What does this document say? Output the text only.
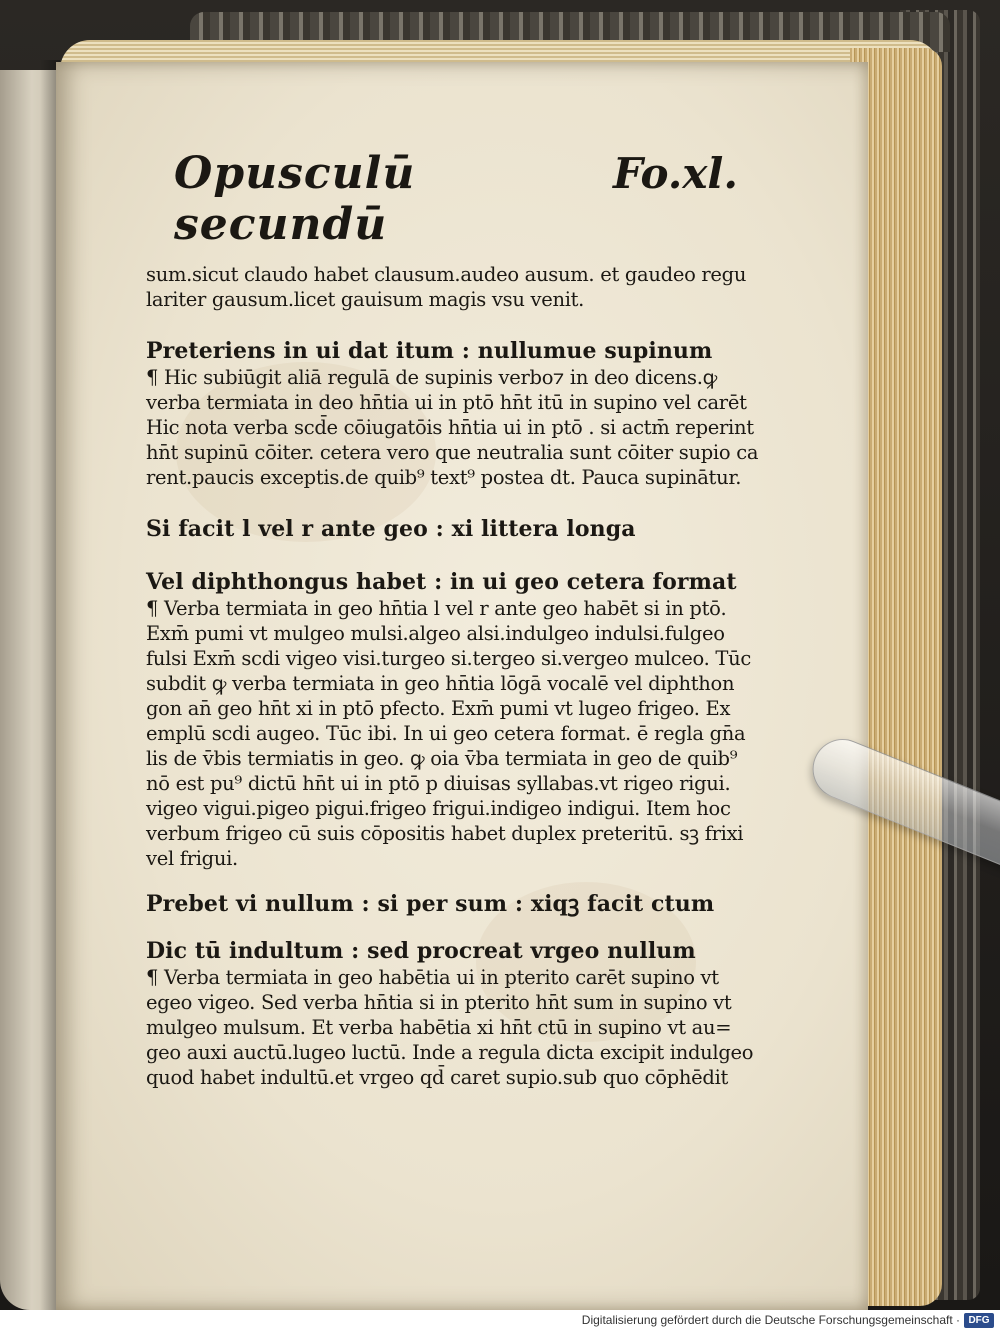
Opusculū secundū
Fo.xl.
sum.sicut claudo habet clausum.audeo ausum. et gaudeo regu
lariter gausum.licet gauisum magis vsu venit.
Preteriens in ui dat itum : nullumue supinum
¶ Hic subiūgit aliā regulā de supinis verbo⁊ in deo dicens.ꝙ
verba termiata in deo hn̄tia ui in ptō hn̄t itū in supino vel carēt
Hic nota verba scd̄e cōiugatōis hn̄tia ui in ptō . si actm̄ reperint
hn̄t supinū cōiter. cetera vero que neutralia sunt cōiter supio ca
rent.paucis exceptis.de quib⁹ text⁹ postea dt. Pauca supinātur.
Si facit l vel r ante geo : xi littera longa
Vel diphthongus habet : in ui geo cetera format
¶ Verba termiata in geo hn̄tia l vel r ante geo habēt si in ptō.
Exm̄ pumi vt mulgeo mulsi.algeo alsi.indulgeo indulsi.fulgeo
fulsi Exm̄ scdi vigeo visi.turgeo si.tergeo si.vergeo mulceo. Tūc
subdit ꝙ verba termiata in geo hn̄tia lōgā vocalē vel diphthon
gon an̄ geo hn̄t xi in ptō pfecto. Exm̄ pumi vt lugeo frigeo. Ex
emplū scdi augeo. Tūc ibi. In ui geo cetera format. ē regla gn̄a
lis de v̄bis termiatis in geo. ꝙ oia v̄ba termiata in geo de quib⁹
nō est pu⁹ dictū hn̄t ui in ptō p diuisas syllabas.vt rigeo rigui.
vigeo vigui.pigeo pigui.frigeo frigui.indigeo indigui. Item hoc
verbum frigeo cū suis cōpositis habet duplex preteritū. sꝫ frixi
vel frigui.
Prebet vi nullum : si per sum : xiqꝫ facit ctum
Dic tū indultum : sed procreat vrgeo nullum
¶ Verba termiata in geo habētia ui in pterito carēt supino vt
egeo vigeo. Sed verba hn̄tia si in pterito hn̄t sum in supino vt
mulgeo mulsum. Et verba habētia xi hn̄t ctū in supino vt au=
geo auxi auctū.lugeo luctū. Inde a regula dicta excipit indulgeo
quod habet indultū.et vrgeo qd̄ caret supio.sub quo cōphēdit
Digitalisierung gefördert durch die Deutsche Forschungsgemeinschaft · DFG
